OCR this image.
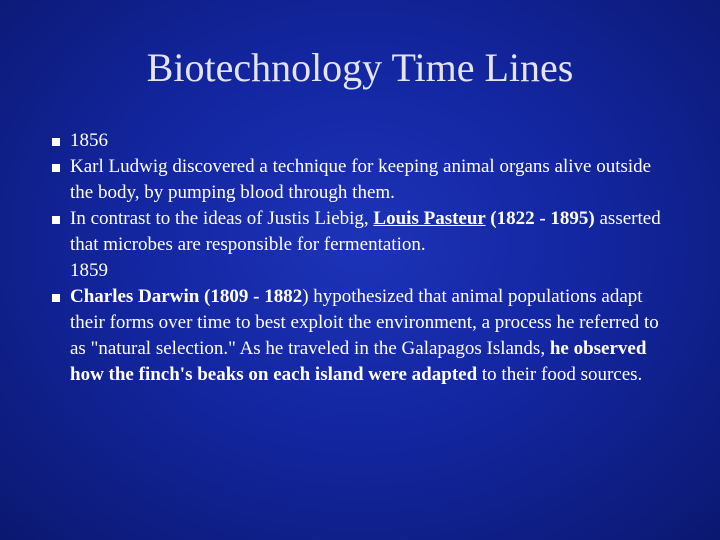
Biotechnology Time Lines
1856
Karl Ludwig discovered a technique for keeping animal organs alive outside the body, by pumping blood through them.
In contrast to the ideas of Justis Liebig, Louis Pasteur (1822 - 1895) asserted that microbes are responsible for fermentation.
1859
Charles Darwin (1809 - 1882) hypothesized that animal populations adapt their forms over time to best exploit the environment, a process he referred to as "natural selection." As he traveled in the Galapagos Islands, he observed how the finch's beaks on each island were adapted to their food sources.
